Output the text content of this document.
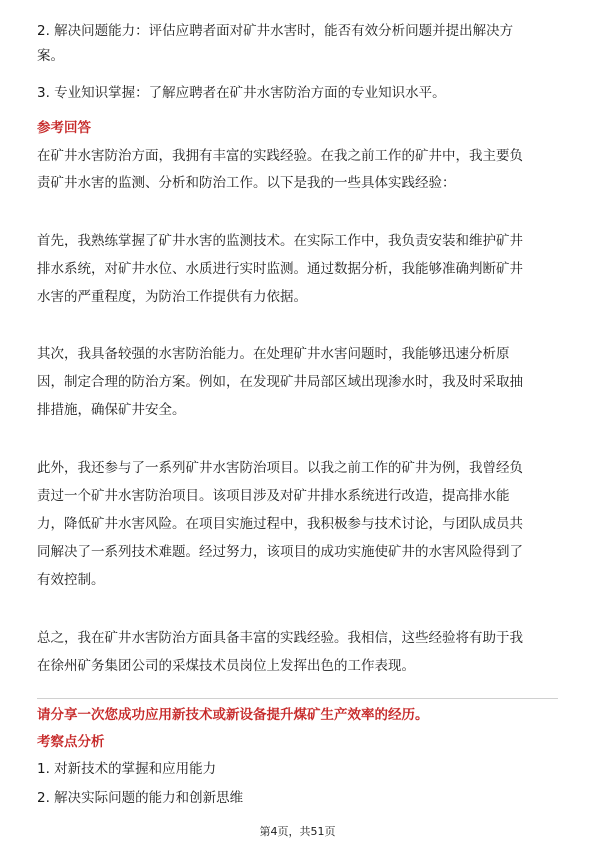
2. 解决问题能力：评估应聘者面对矿井水害时，能否有效分析问题并提出解决方
案。
3. 专业知识掌握：了解应聘者在矿井水害防治方面的专业知识水平。
参考回答
在矿井水害防治方面，我拥有丰富的实践经验。在我之前工作的矿井中，我主要负
责矿井水害的监测、分析和防治工作。以下是我的一些具体实践经验：
首先，我熟练掌握了矿井水害的监测技术。在实际工作中，我负责安装和维护矿井
排水系统，对矿井水位、水质进行实时监测。通过数据分析，我能够准确判断矿井
水害的严重程度，为防治工作提供有力依据。
其次，我具备较强的水害防治能力。在处理矿井水害问题时，我能够迅速分析原
因，制定合理的防治方案。例如，在发现矿井局部区域出现渗水时，我及时采取抽
排措施，确保矿井安全。
此外，我还参与了一系列矿井水害防治项目。以我之前工作的矿井为例，我曾经负
责过一个矿井水害防治项目。该项目涉及对矿井排水系统进行改造，提高排水能
力，降低矿井水害风险。在项目实施过程中，我积极参与技术讨论，与团队成员共
同解决了一系列技术难题。经过努力，该项目的成功实施使矿井的水害风险得到了
有效控制。
总之，我在矿井水害防治方面具备丰富的实践经验。我相信，这些经验将有助于我
在徐州矿务集团公司的采煤技术员岗位上发挥出色的工作表现。
请分享一次您成功应用新技术或新设备提升煤矿生产效率的经历。
考察点分析
1. 对新技术的掌握和应用能力
2. 解决实际问题的能力和创新思维
第4页，共51页
